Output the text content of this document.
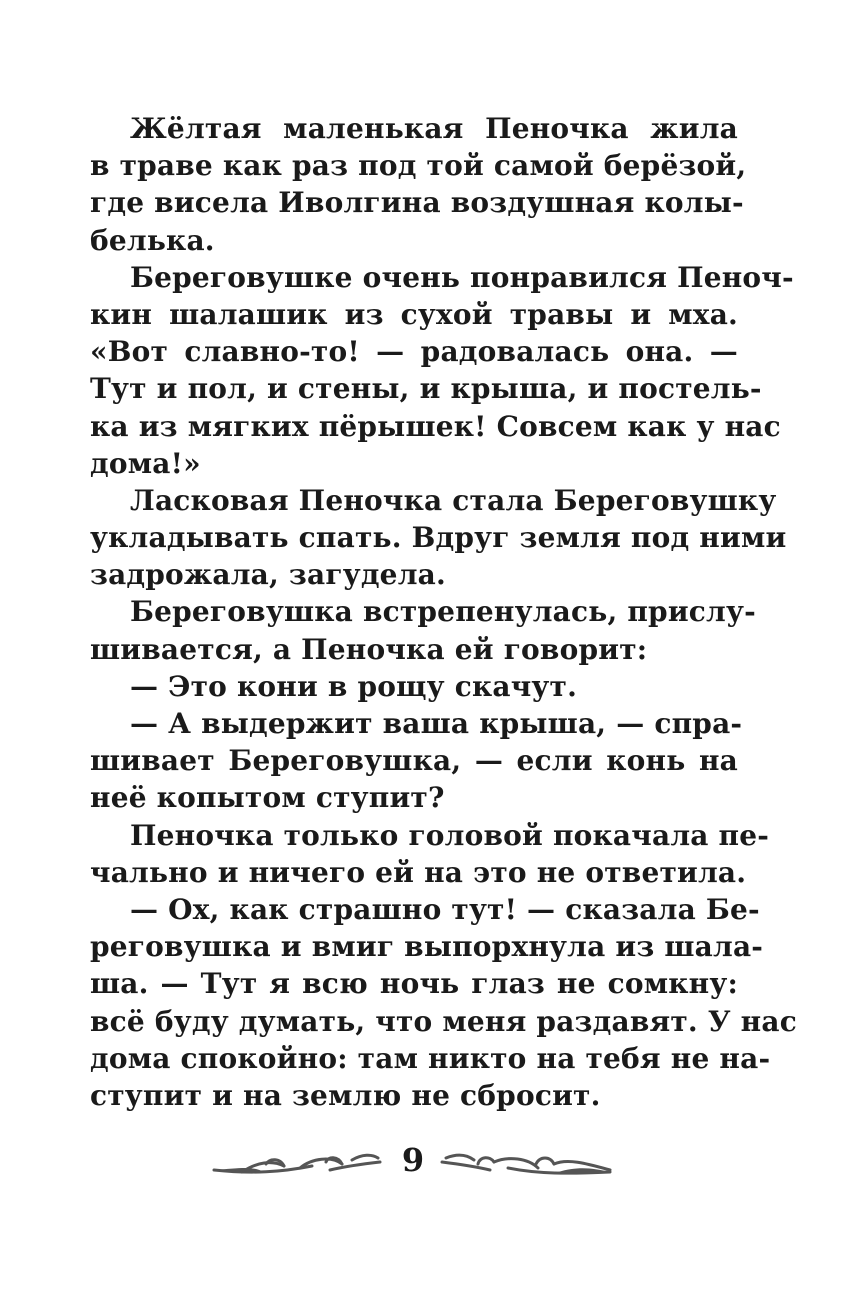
Жёлтая маленькая Пеночка жила
в траве как раз под той самой берёзой,
где висела Иволгина воздушная колы-
белька.
Береговушке очень понравился Пеноч-
кин шалашик из сухой травы и мха.
«Вот славно-то! — радовалась она. —
Тут и пол, и стены, и крыша, и постель-
ка из мягких пёрышек! Совсем как у нас
дома!»
Ласковая Пеночка стала Береговушку
укладывать спать. Вдруг земля под ними
задрожала, загудела.
Береговушка встрепенулась, прислу-
шивается, а Пеночка ей говорит:
— Это кони в рощу скачут.
— А выдержит ваша крыша, — спра-
шивает Береговушка, — если конь на
неё копытом ступит?
Пеночка только головой покачала пе-
чально и ничего ей на это не ответила.
— Ох, как страшно тут! — сказала Бе-
реговушка и вмиг выпорхнула из шала-
ша. — Тут я всю ночь глаз не сомкну:
всё буду думать, что меня раздавят. У нас
дома спокойно: там никто на тебя не на-
ступит и на землю не сбросит.
9
